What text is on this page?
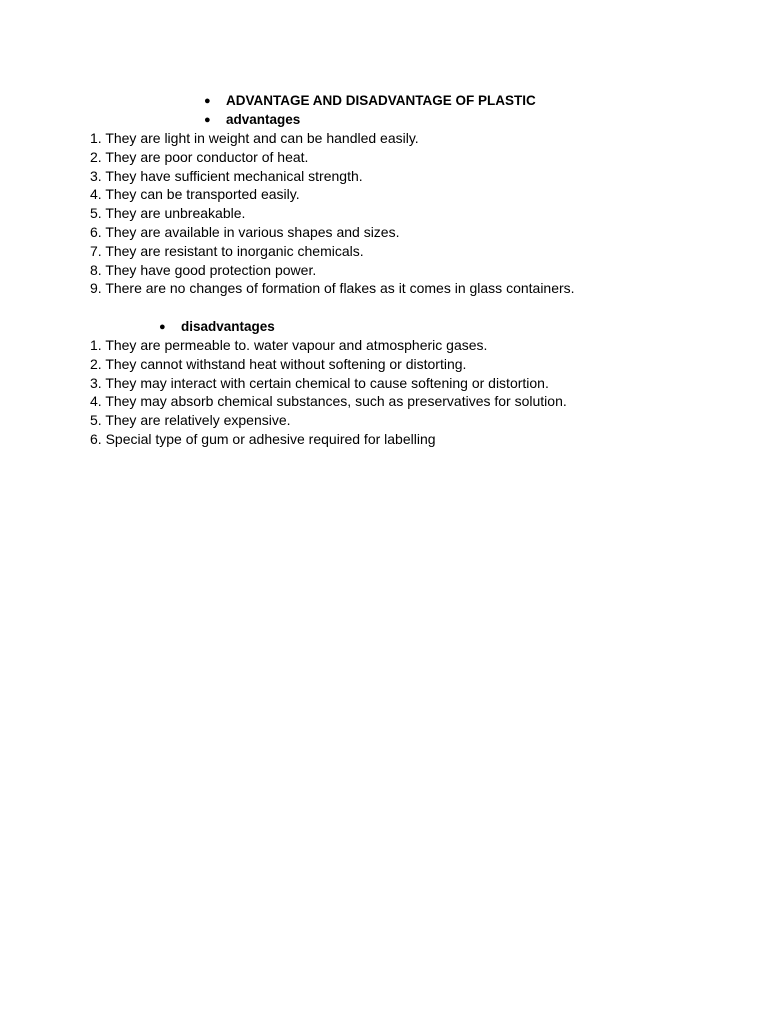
● ADVANTAGE AND DISADVANTAGE OF PLASTIC
● advantages
1. They are light in weight and can be handled easily.
2. They are poor conductor of heat.
3. They have sufficient mechanical strength.
4. They can be transported easily.
5. They are unbreakable.
6. They are available in various shapes and sizes.
7. They are resistant to inorganic chemicals.
8. They have good protection power.
9. There are no changes of formation of flakes as it comes in glass containers.
● disadvantages
1. They are permeable to. water vapour and atmospheric gases.
2. They cannot withstand heat without softening or distorting.
3. They may interact with certain chemical to cause softening or distortion.
4. They may absorb chemical substances, such as preservatives for solution.
5. They are relatively expensive.
6. Special type of gum or adhesive required for labelling
